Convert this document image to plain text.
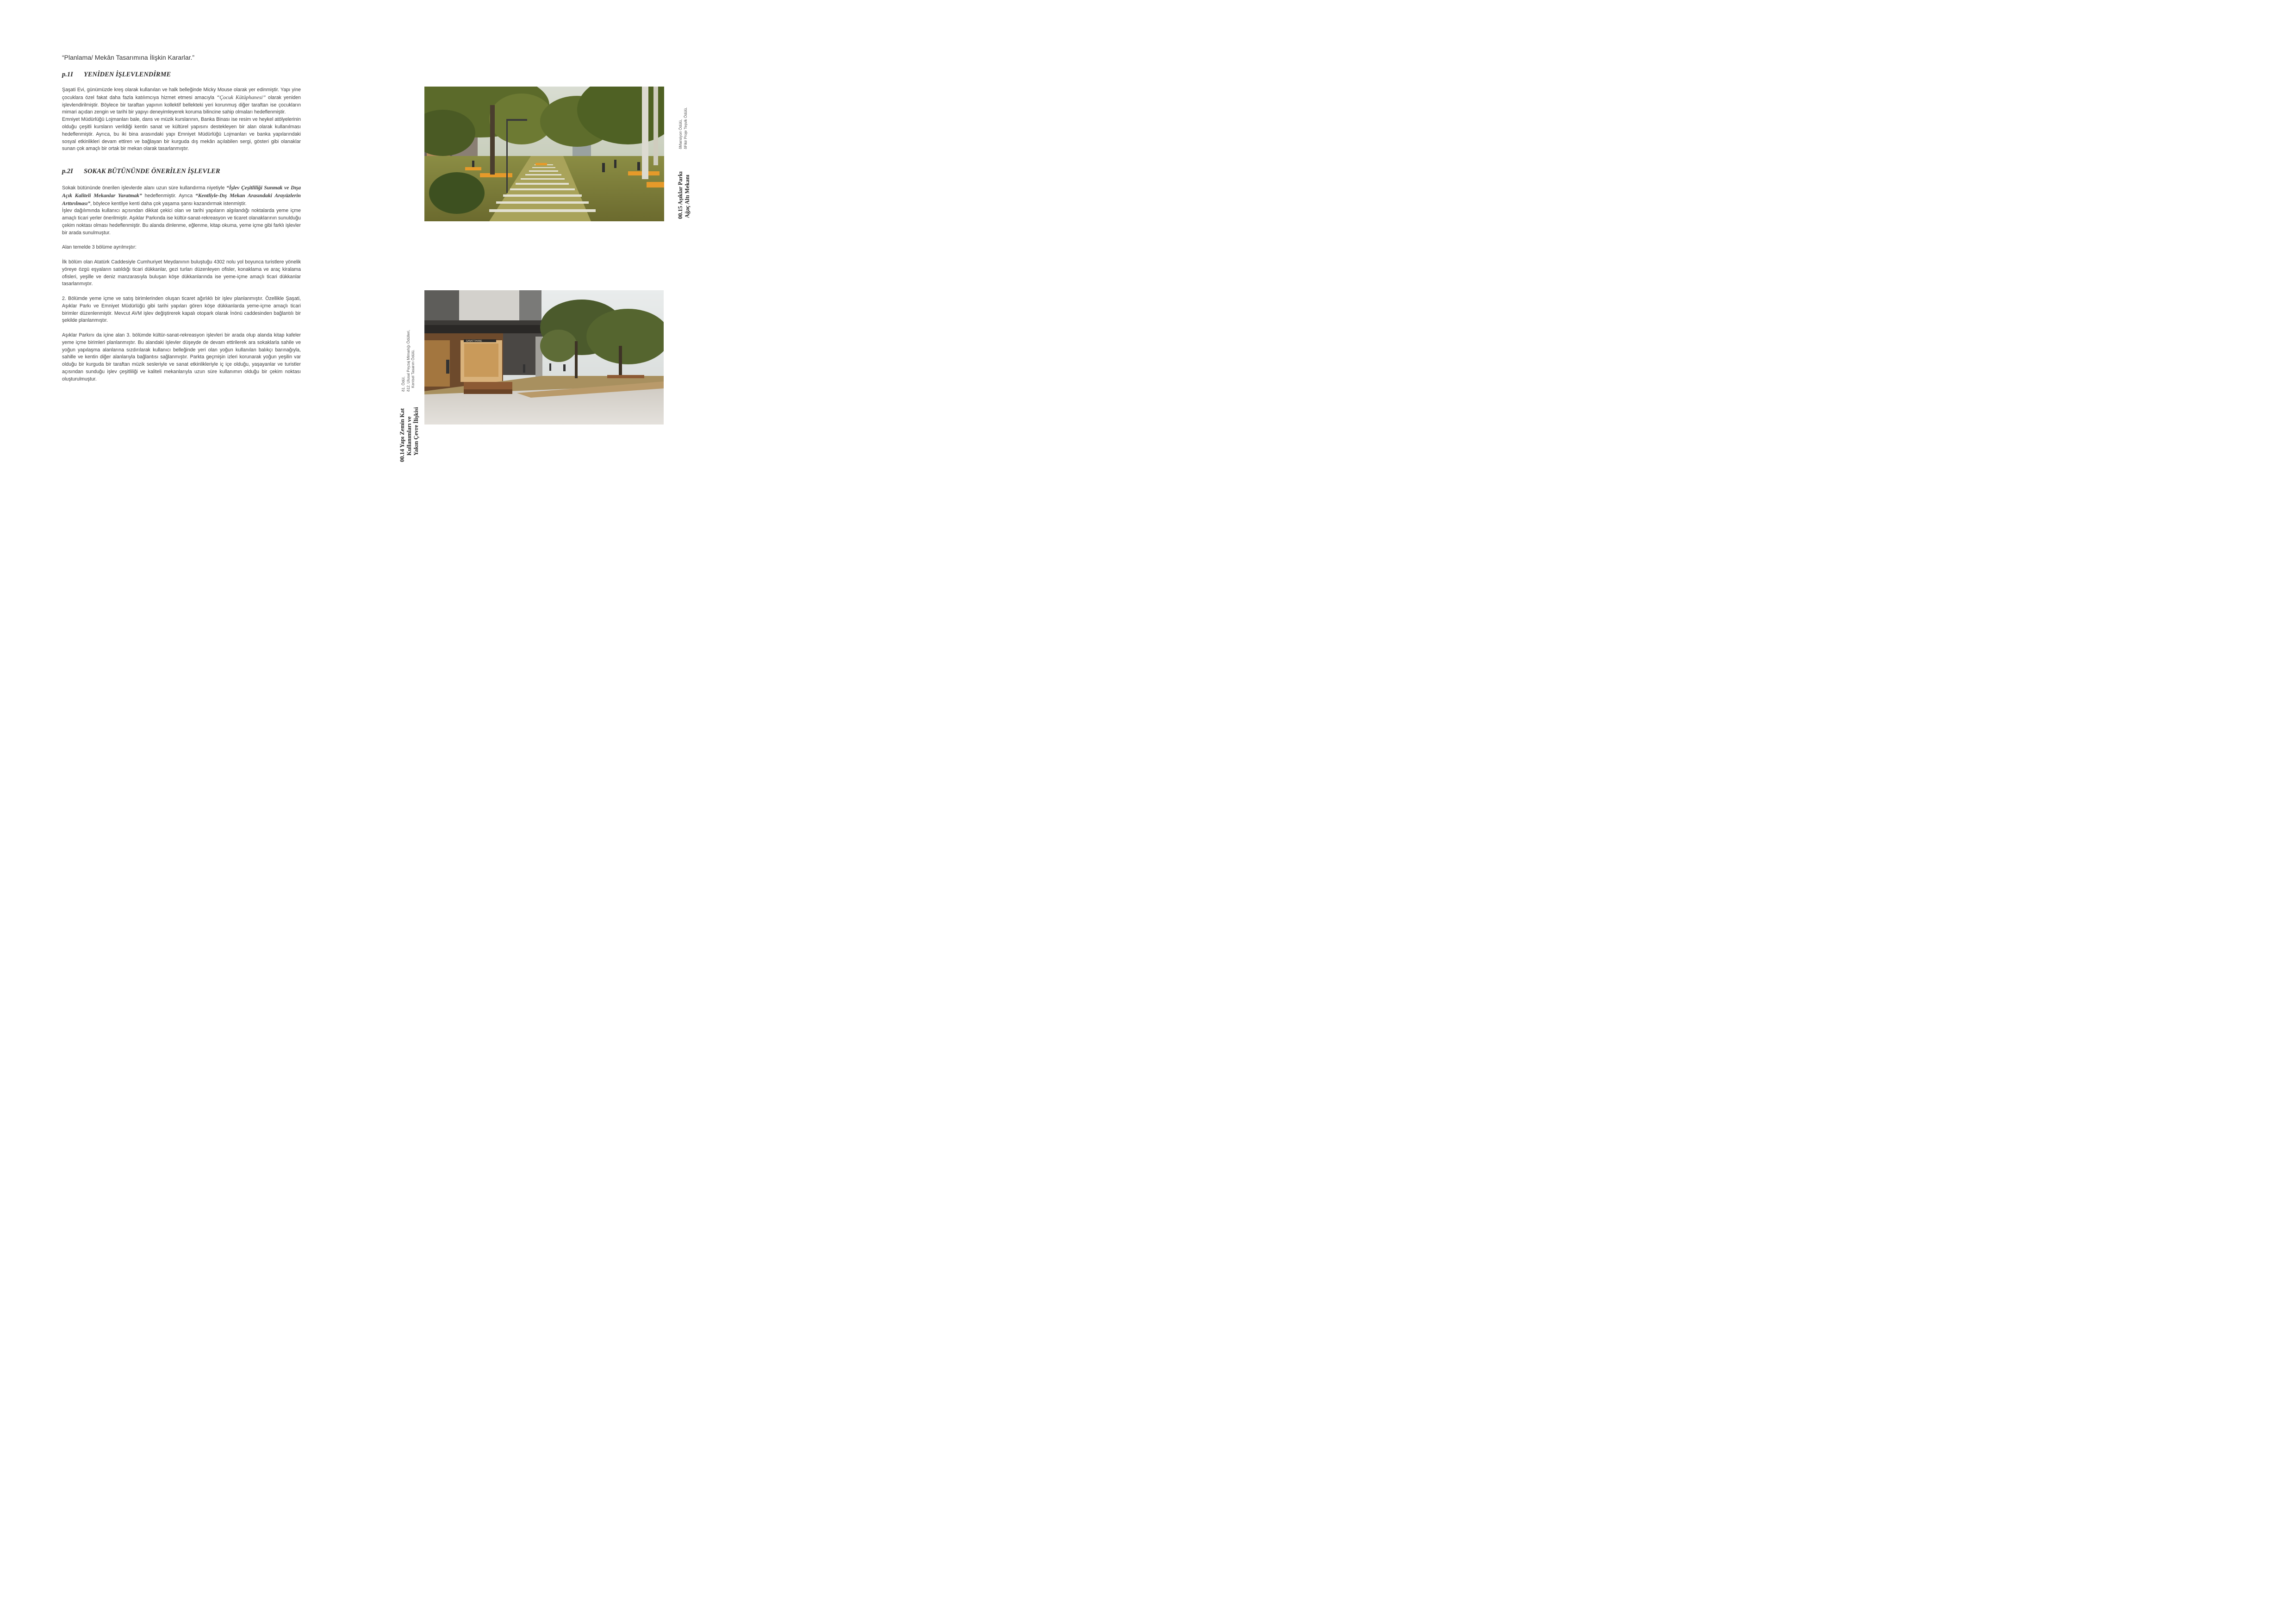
“Planlama/ Mekân Tasarımına İlişkin Kararlar.”
p.1I YENİDEN İŞLEVLENDİRME

Şaşati Evi, günümüzde kreş olarak kullanılan ve halk belleğinde Micky Mouse olarak yer edinmiştir. Yapı yine çocuklara özel fakat daha fazla katılımcıya hizmet etmesi amacıyla “Çocuk Kütüphanesi” olarak yeniden işlevlendirilmiştir. Böylece bir taraftan yapının kollektif bellekteki yeri korunmuş diğer taraftan ise çocukların mimari açıdan zengin ve tarihi bir yapıyı deneyimleyerek koruma bilincine sahip olmaları hedeflenmiştir.

Emniyet Müdürlüğü Lojmanları bale, dans ve müzik kurslarının, Banka Binası ise resim ve heykel atölyelerinin olduğu çeşitli kursların verildiği kentin sanat ve kültürel yapısını destekleyen bir alan olarak kullanılması hedeflenmiştir. Ayrıca, bu iki bina arasındaki yapı Emniyet Müdürlüğü Lojmanları ve banka yapılarındaki sosyal etkinlikleri devam ettiren ve bağlayan bir kurguda dış mekân açılabilen sergi, gösteri gibi olanaklar sunan çok amaçlı bir ortak bir mekan olarak tasarlanmıştır.

p.2I SOKAK BÜTÜNÜNDE ÖNERİLEN İŞLEVLER

Sokak bütününde önerilen işlevlerde alanı uzun süre kullandırma niyetiyle “İşlev Çeşitliliği Sunmak ve Dışa Açık Kaliteli Mekanlar Yaratmak” hedeflenmiştir. Ayrıca “Kentliyle-Dış Mekan Arasındaki Arayüzlerin Arttırılması”, böylece kentliye kenti daha çok yaşama şansı kazandırmak istenmiştir.

İşlev dağılımında kullanıcı açısından dikkat çekici olan ve tarihi yapıların algılandığı noktalarda yeme içme amaçlı ticari yerler önerilmiştir. Aşıklar Parkında ise kültür-sanat-rekreasyon ve ticaret olanaklarının sunulduğu çekim noktası olması hedeflenmiştir. Bu alanda dinlenme, eğlenme, kitap okuma, yeme içme gibi farklı işlevler bir arada sunulmuştur.

Alan temelde 3 bölüme ayrılmıştır:

İlk bölüm olan Atatürk Caddesiyle Cumhuriyet Meydanının buluştuğu 4302 nolu yol boyunca turistlere yönelik yöreye özgü eşyaların satıldığı ticari dükkanlar, gezi turları düzenleyen ofisler, konaklama ve araç kiralama ofisleri, yeşille ve deniz manzarasıyla buluşan köşe dükkanlarında ise yeme-içme amaçlı ticari dükkanlar tasarlanmıştır.

2. Bölümde yeme içme ve satış birimlerinden oluşan ticaret ağırlıklı bir işlev planlanmıştır. Özellikle Şaşati, Aşıklar Parkı ve Emniyet Müdürlüğü gibi tarihi yapıları gören köşe dükkanlarda yeme-içme amaçlı ticari birimler düzenlenmiştir. Mevcut AVM işlev değiştirerek kapalı otopark olarak İnönü caddesinden bağlantılı bir şekilde planlanmıştır.

Aşıklar Parkını da içine alan 3. bölümde kültür-sanat-rekreasyon işlevleri bir arada olup alanda kitap kafeler yeme içme birimleri planlanmıştır. Bu alandaki işlevler düşeyde de devam ettirilerek ara sokaklarla sahile ve yoğun yapılaşma alanlarına sızdırılarak kullanıcı belleğinde yeri olan yoğun kullanılan balıkçı barınağıyla, sahille ve kentin diğer alanlarıyla bağlantısı sağlanmıştır. Parkta geçmişin izleri korunarak yoğun yeşilin var olduğu bir kurguda bir taraftan müzik sesleriyle ve sanat etkinlikleriyle iç içe olduğu, yaşayanlar ve turistler açısından sunduğu işlev çeşitliliği ve kaliteli mekanlarıyla uzun süre kullanımın olduğu bir çekim noktası oluşturulmuştur.

00.15 Aşıklar Parkı Ağaç Altı Mekanı
δMansiyon Ödülü, δFikir Proje Teşvik Ödülü.
SANATTIHANE
00.14 Yapı Zemin Kat Kullanımları ve Yakın Çevre İlişkisi
δ1. Ödül, δ12. Ulusal Peyzaj Mimarlığı Ödülleri, Kentsel Tasarım Ödülü.
